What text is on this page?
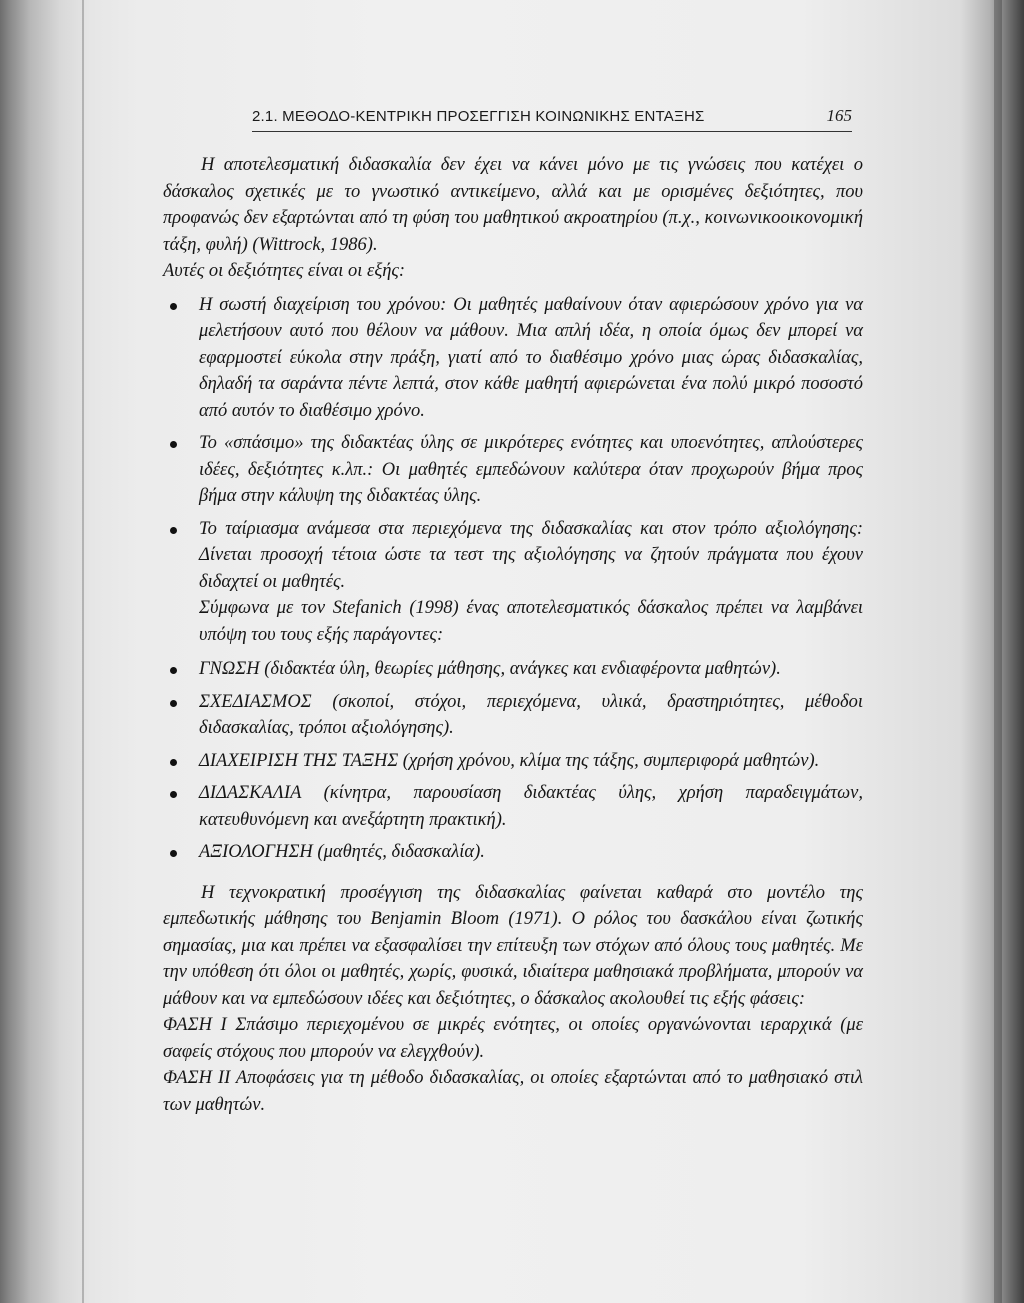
2.1. ΜΕΘΟΔΟ-ΚΕΝΤΡΙΚΗ ΠΡΟΣΕΓΓΙΣΗ ΚΟΙΝΩΝΙΚΗΣ ΕΝΤΑΞΗΣ	165

Η αποτελεσματική διδασκαλία δεν έχει να κάνει μόνο με τις γνώσεις που κατέχει ο δάσκαλος σχετικές με το γνωστικό αντικείμενο, αλλά και με ορισμένες δεξιότητες, που προφανώς δεν εξαρτώνται από τη φύση του μαθητικού ακροατηρίου (π.χ., κοινωνικοοικονομική τάξη, φυλή) (Wittrock, 1986).

Αυτές οι δεξιότητες είναι οι εξής:

Η σωστή διαχείριση του χρόνου: Οι μαθητές μαθαίνουν όταν αφιερώσουν χρόνο για να μελετήσουν αυτό που θέλουν να μάθουν. Μια απλή ιδέα, η οποία όμως δεν μπορεί να εφαρμοστεί εύκολα στην πράξη, γιατί από το διαθέσιμο χρόνο μιας ώρας διδασκαλίας, δηλαδή τα σαράντα πέντε λεπτά, στον κάθε μαθητή αφιερώνεται ένα πολύ μικρό ποσοστό από αυτόν το διαθέσιμο χρόνο.
Το «σπάσιμο» της διδακτέας ύλης σε μικρότερες ενότητες και υποενότητες, απλούστερες ιδέες, δεξιότητες κ.λπ.: Οι μαθητές εμπεδώνουν καλύτερα όταν προχωρούν βήμα προς βήμα στην κάλυψη της διδακτέας ύλης.
Το ταίριασμα ανάμεσα στα περιεχόμενα της διδασκαλίας και στον τρόπο αξιολόγησης: Δίνεται προσοχή τέτοια ώστε τα τεστ της αξιολόγησης να ζητούν πράγματα που έχουν διδαχτεί οι μαθητές.
Σύμφωνα με τον Stefanich (1998) ένας αποτελεσματικός δάσκαλος πρέπει να λαμβάνει υπόψη του τους εξής παράγοντες:
ΓΝΩΣΗ (διδακτέα ύλη, θεωρίες μάθησης, ανάγκες και ενδιαφέροντα μαθητών).
ΣΧΕΔΙΑΣΜΟΣ (σκοποί, στόχοι, περιεχόμενα, υλικά, δραστηριότητες, μέθοδοι διδασκαλίας, τρόποι αξιολόγησης).
ΔΙΑΧΕΙΡΙΣΗ ΤΗΣ ΤΑΞΗΣ (χρήση χρόνου, κλίμα της τάξης, συμπεριφορά μαθητών).
ΔΙΔΑΣΚΑΛΙΑ (κίνητρα, παρουσίαση διδακτέας ύλης, χρήση παραδειγμάτων, κατευθυνόμενη και ανεξάρτητη πρακτική).
ΑΞΙΟΛΟΓΗΣΗ (μαθητές, διδασκαλία).

Η τεχνοκρατική προσέγγιση της διδασκαλίας φαίνεται καθαρά στο μοντέλο της εμπεδωτικής μάθησης του Benjamin Bloom (1971). Ο ρόλος του δασκάλου είναι ζωτικής σημασίας, μια και πρέπει να εξασφαλίσει την επίτευξη των στόχων από όλους τους μαθητές. Με την υπόθεση ότι όλοι οι μαθητές, χωρίς, φυσικά, ιδιαίτερα μαθησιακά προβλήματα, μπορούν να μάθουν και να εμπεδώσουν ιδέες και δεξιότητες, ο δάσκαλος ακολουθεί τις εξής φάσεις:

ΦΑΣΗ Ι Σπάσιμο περιεχομένου σε μικρές ενότητες, οι οποίες οργανώνονται ιεραρχικά (με σαφείς στόχους που μπορούν να ελεγχθούν).

ΦΑΣΗ ΙΙ Αποφάσεις για τη μέθοδο διδασκαλίας, οι οποίες εξαρτώνται από το μαθησιακό στιλ των μαθητών.
